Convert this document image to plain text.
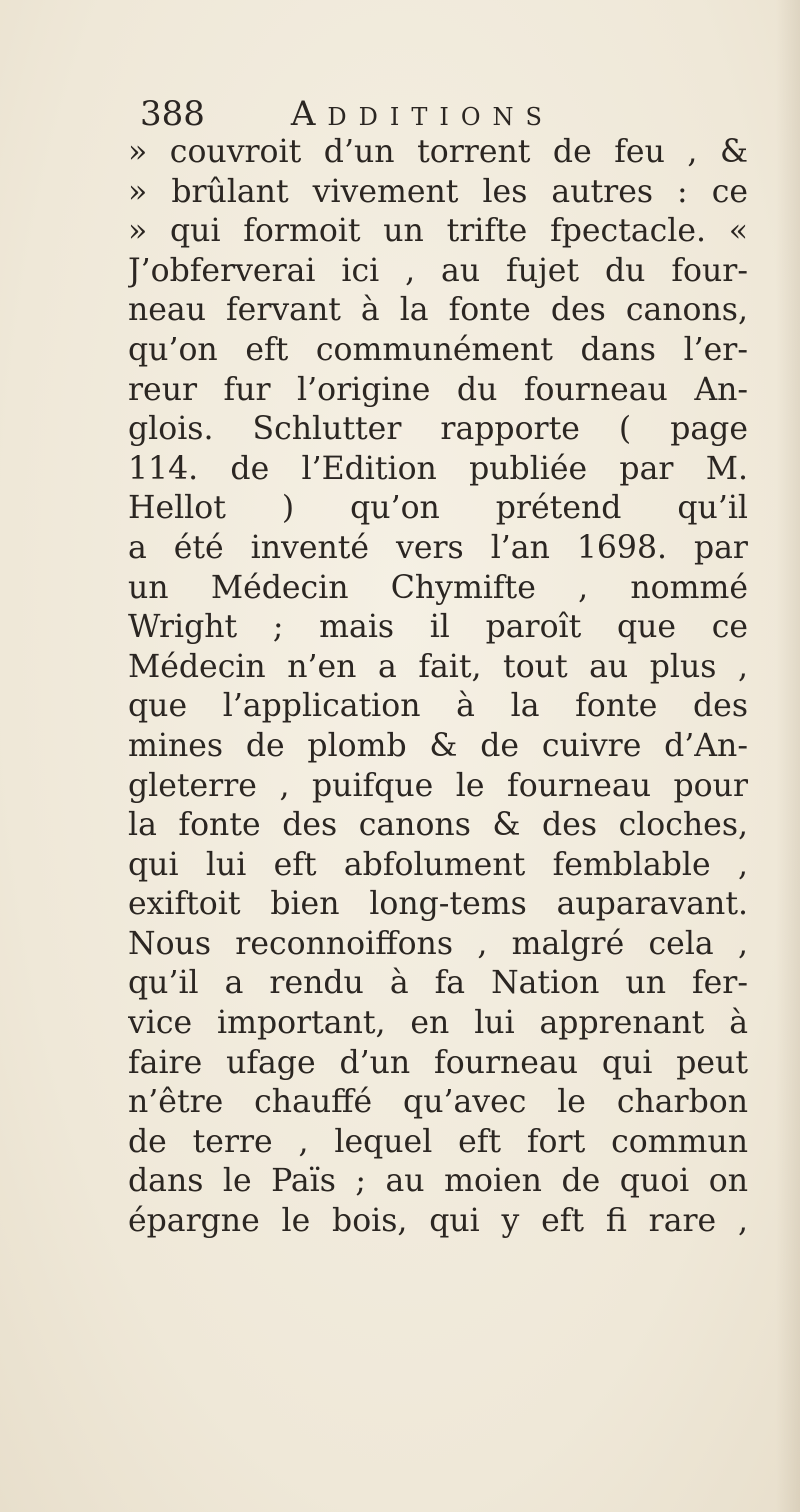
388	Additions
» couvroit d’un torrent de feu , &
» brûlant vivement les autres : ce
» qui formoit un trifte fpectacle. «
J’obferverai ici , au fujet du four-
neau fervant à la fonte des canons,
qu’on eft communément dans l’er-
reur fur l’origine du fourneau An-
glois. Schlutter rapporte ( page
114. de l’Edition publiée par M.
Hellot ) qu’on prétend qu’il
a été inventé vers l’an 1698. par
un Médecin Chymifte , nommé
Wright ; mais il paroît que ce
Médecin n’en a fait, tout au plus ,
que l’application à la fonte des
mines de plomb & de cuivre d’An-
gleterre , puifque le fourneau pour
la fonte des canons & des cloches,
qui lui eft abfolument femblable ,
exiftoit bien long-tems auparavant.
Nous reconnoiffons , malgré cela ,
qu’il a rendu à fa Nation un fer-
vice important, en lui apprenant à
faire ufage d’un fourneau qui peut
n’être chauffé qu’avec le charbon
de terre , lequel eft fort commun
dans le Païs ; au moien de quoi on
épargne le bois, qui y eft fi rare ,
